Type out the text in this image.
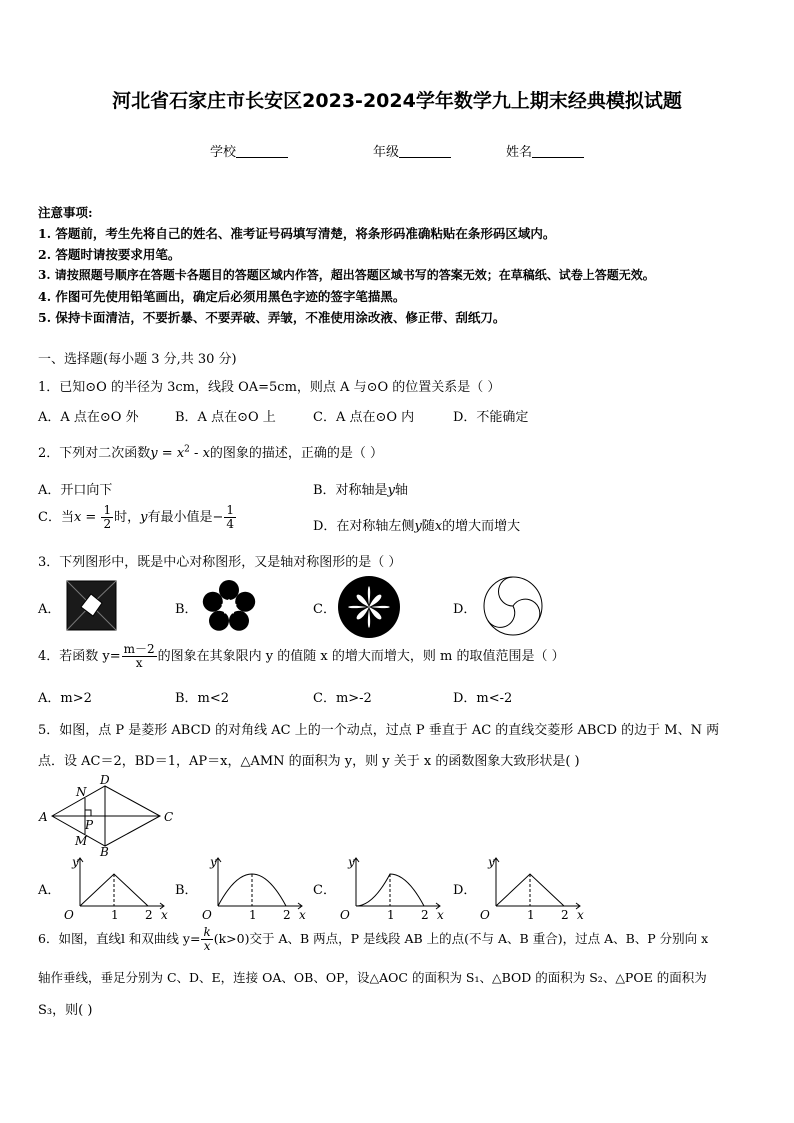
河北省石家庄市长安区2023-2024学年数学九上期末经典模拟试题
学校	年级	姓名
注意事项:
1. 答题前，考生先将自己的姓名、准考证号码填写清楚，将条形码准确粘贴在条形码区域内。
2. 答题时请按要求用笔。
3. 请按照题号顺序在答题卡各题目的答题区域内作答，超出答题区域书写的答案无效；在草稿纸、试卷上答题无效。
4. 作图可先使用铅笔画出，确定后必须用黑色字迹的签字笔描黑。
5. 保持卡面清洁，不要折暴、不要弄破、弄皱，不准使用涂改液、修正带、刮纸刀。
一、选择题(每小题 3 分,共 30 分)
1．已知⊙O 的半径为 3cm，线段 OA=5cm，则点 A 与⊙O 的位置关系是（ ）
A．A 点在⊙O 外	B．A 点在⊙O 上	C．A 点在⊙O 内	D．不能确定
2．下列对二次函数$y = x^2 - x$的图象的描述，正确的是（ ）
A．开口向下	B．对称轴是y轴
C．当$x = \frac{1}{2}$ 时，y有最小值是− $\frac{1}{4}$	D．在对称轴左侧y随x的增大而增大
3．下列图形中，既是中心对称图形，又是轴对称图形的是（ ）
A．	B．	C．	D．
4．若函数 $y= \frac{m-2}{x}$ 的图象在其象限内 y 的值随 x 的增大而增大，则 m 的取值范围是（ ）
A．m>2	B．m<2	C．m>-2	D．m<-2
5．如图，点 P 是菱形 ABCD 的对角线 AC 上的一个动点，过点 P 垂直于 AC 的直线交菱形 ABCD 的边于 M、N 两
点．设 AC＝2，BD＝1，AP＝x，△AMN 的面积为 y，则 y 关于 x 的函数图象大致形状是( )
A
B
C
D
N
P
M
A．	B．	C．	D．
y
O	1 2 x
y
O	1 2 x
y
O	1 2 x
y
O	1 2 x
6．如图，直线l 和双曲线 $y= \frac{k}{x} (k>0)$交于 A、B 两点，P 是线段 AB 上的点(不与 A、B 重合)，过点 A、B、P 分别向 x
轴作垂线，垂足分别为 C、D、E，连接 OA、OB、OP，设△AOC 的面积为 S₁、△BOD 的面积为 S₂、△POE 的面积为
S₃，则( )
